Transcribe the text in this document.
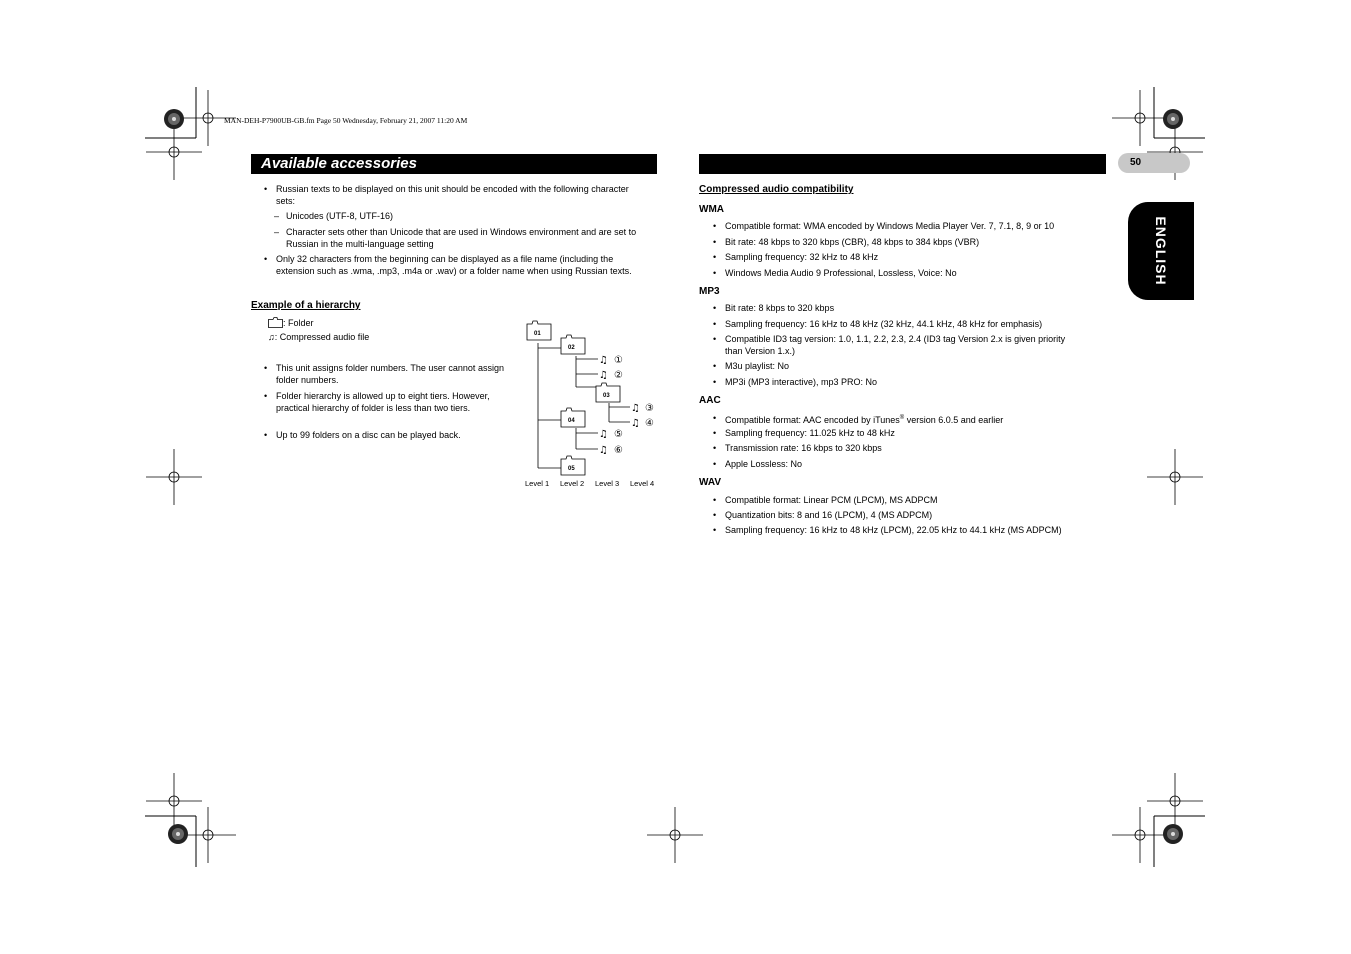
MAN-DEH-P7900UB-GB.fm Page 50 Wednesday, February 21, 2007 11:20 AM
Available accessories	50
ENGLISH
• Russian texts to be displayed on this unit should be encoded with the following character sets:
– Unicodes (UTF-8, UTF-16)
– Character sets other than Unicode that are used in Windows environment and are set to Russian in the multi-language setting
• Only 32 characters from the beginning can be displayed as a file name (including the extension such as .wma, .mp3, .m4a or .wav) or a folder name when using Russian texts.
Example of a hierarchy
: Folder
♫: Compressed audio file
• This unit assigns folder numbers. The user cannot assign folder numbers.
• Folder hierarchy is allowed up to eight tiers. However, practical hierarchy of folder is less than two tiers.
• Up to 99 folders on a disc can be played back.
01
02
03
04
05
♫ ①
♫ ②
♫ ③
♫ ④
♫ ⑤
♫ ⑥
Level 1 Level 2 Level 3 Level 4
Compressed audio compatibility
WMA
• Compatible format: WMA encoded by Windows Media Player Ver. 7, 7.1, 8, 9 or 10
• Bit rate: 48 kbps to 320 kbps (CBR), 48 kbps to 384 kbps (VBR)
• Sampling frequency: 32 kHz to 48 kHz
• Windows Media Audio 9 Professional, Lossless, Voice: No
MP3
• Bit rate: 8 kbps to 320 kbps
• Sampling frequency: 16 kHz to 48 kHz (32 kHz, 44.1 kHz, 48 kHz for emphasis)
• Compatible ID3 tag version: 1.0, 1.1, 2.2, 2.3, 2.4 (ID3 tag Version 2.x is given priority than Version 1.x.)
• M3u playlist: No
• MP3i (MP3 interactive), mp3 PRO: No
AAC
• Compatible format: AAC encoded by iTunes® version 6.0.5 and earlier
• Sampling frequency: 11.025 kHz to 48 kHz
• Transmission rate: 16 kbps to 320 kbps
• Apple Lossless: No
WAV
• Compatible format: Linear PCM (LPCM), MS ADPCM
• Quantization bits: 8 and 16 (LPCM), 4 (MS ADPCM)
• Sampling frequency: 16 kHz to 48 kHz (LPCM), 22.05 kHz to 44.1 kHz (MS ADPCM)
